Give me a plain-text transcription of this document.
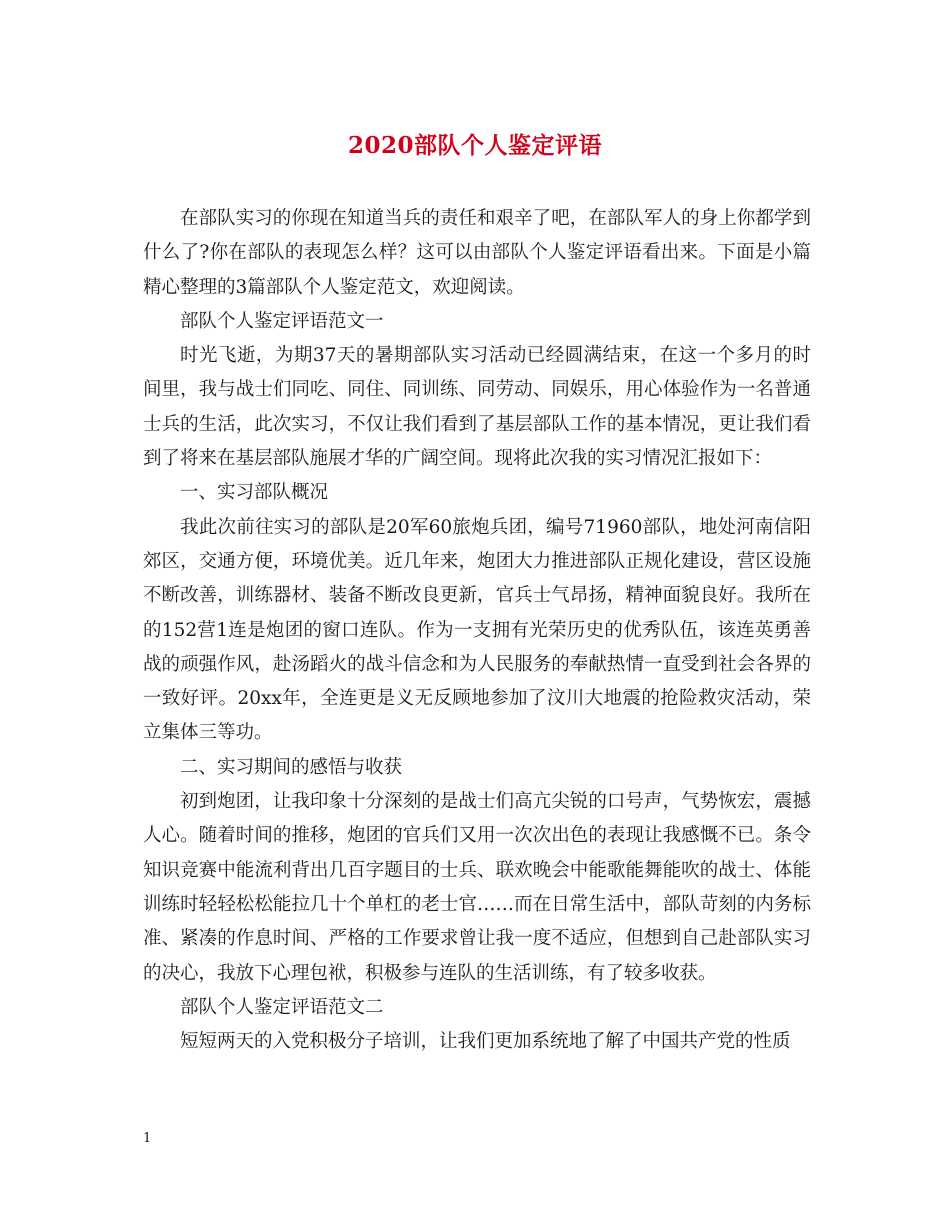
2020部队个人鉴定评语

在部队实习的你现在知道当兵的责任和艰辛了吧，在部队军人的身上你都学到什么了?你在部队的表现怎么样？这可以由部队个人鉴定评语看出来。下面是小篇精心整理的3篇部队个人鉴定范文，欢迎阅读。

部队个人鉴定评语范文一

时光飞逝，为期37天的暑期部队实习活动已经圆满结束，在这一个多月的时间里，我与战士们同吃、同住、同训练、同劳动、同娱乐，用心体验作为一名普通士兵的生活，此次实习，不仅让我们看到了基层部队工作的基本情况，更让我们看到了将来在基层部队施展才华的广阔空间。现将此次我的实习情况汇报如下：

一、实习部队概况

我此次前往实习的部队是20军60旅炮兵团，编号71960部队，地处河南信阳郊区，交通方便，环境优美。近几年来，炮团大力推进部队正规化建设，营区设施不断改善，训练器材、装备不断改良更新，官兵士气昂扬，精神面貌良好。我所在的152营1连是炮团的窗口连队。作为一支拥有光荣历史的优秀队伍，该连英勇善战的顽强作风，赴汤蹈火的战斗信念和为人民服务的奉献热情一直受到社会各界的一致好评。20xx年，全连更是义无反顾地参加了汶川大地震的抢险救灾活动，荣立集体三等功。

二、实习期间的感悟与收获

初到炮团，让我印象十分深刻的是战士们高亢尖锐的口号声，气势恢宏，震撼人心。随着时间的推移，炮团的官兵们又用一次次出色的表现让我感慨不已。条令知识竞赛中能流利背出几百字题目的士兵、联欢晚会中能歌能舞能吹的战士、体能训练时轻轻松松能拉几十个单杠的老士官……而在日常生活中，部队苛刻的内务标准、紧凑的作息时间、严格的工作要求曾让我一度不适应，但想到自己赴部队实习的决心，我放下心理包袱，积极参与连队的生活训练，有了较多收获。

部队个人鉴定评语范文二

短短两天的入党积极分子培训，让我们更加系统地了解了中国共产党的性质

1
